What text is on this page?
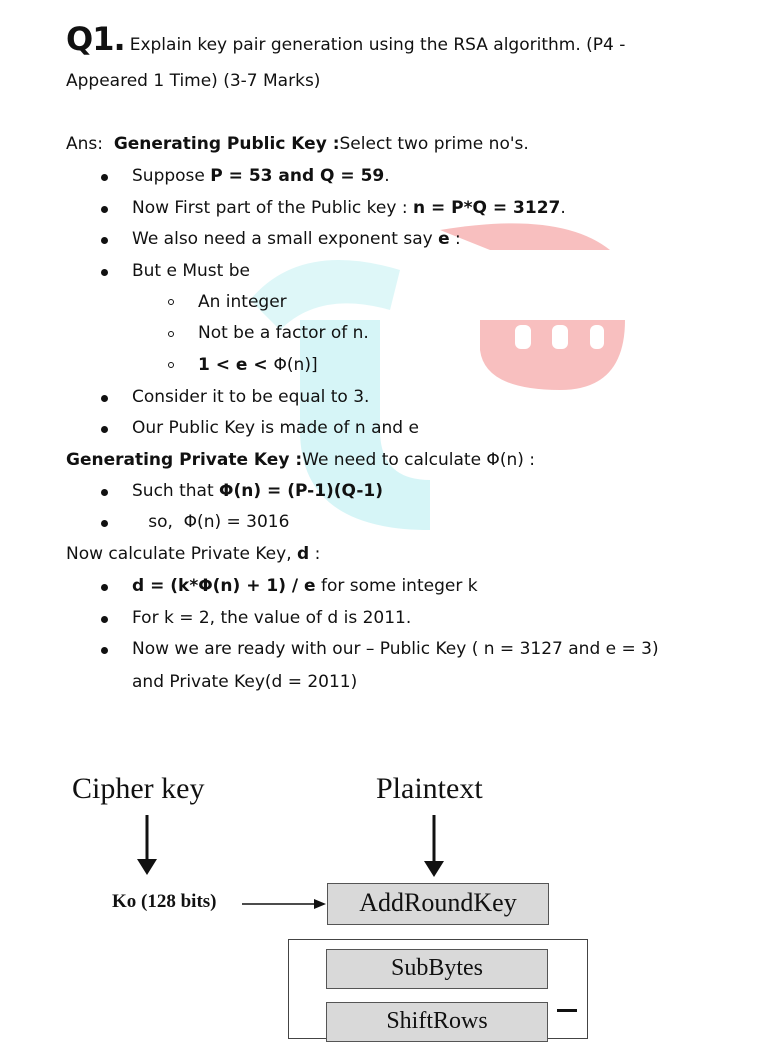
Q1. Explain key pair generation using the RSA algorithm. (P4 -
Appeared 1 Time) (3-7 Marks)
Ans: Generating Public Key :Select two prime no's.
Suppose P = 53 and Q = 59.
Now First part of the Public key : n = P*Q = 3127.
We also need a small exponent say e :
But e Must be
An integer
Not be a factor of n.
1 < e < Φ(n)]
Consider it to be equal to 3.
Our Public Key is made of n and e
Generating Private Key :We need to calculate Φ(n) :
Such that Φ(n) = (P-1)(Q-1)
so,  Φ(n) = 3016
Now calculate Private Key, d :
d = (k*Φ(n) + 1) / e for some integer k
For k = 2, the value of d is 2011.
Now we are ready with our – Public Key ( n = 3127 and e = 3)
and Private Key(d = 2011)
Cipher key	Plaintext
Ko (128 bits)	AddRoundKey
SubBytes
ShiftRows
